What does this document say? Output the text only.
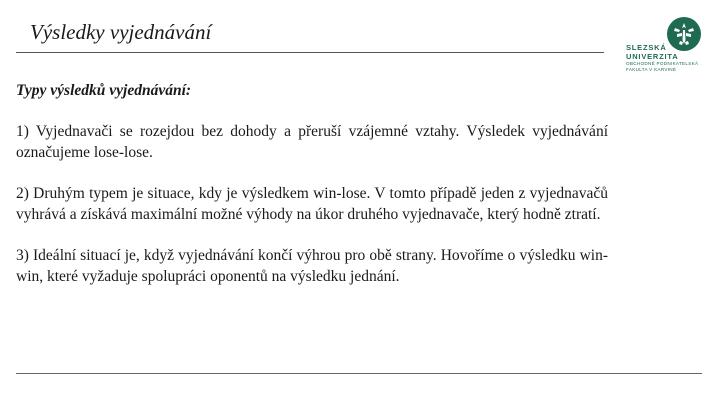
Výsledky vyjednávání
SLEZSKÁ
UNIVERZITA
OBCHODNĚ PODNIKATELSKÁ
FAKULTA V KARVINÉ

Typy výsledků vyjednávání:

1) Vyjednavači se rozejdou bez dohody a přeruší vzájemné vztahy. Výsledek vyjednávání označujeme lose-lose.

2) Druhým typem je situace, kdy je výsledkem win-lose. V tomto případě jeden z vyjednavačů vyhrává a získává maximální možné výhody na úkor druhého vyjednavače, který hodně ztratí.

3) Ideální situací je, když vyjednávání končí výhrou pro obě strany. Hovoříme o výsledku win-win, které vyžaduje spolupráci oponentů na výsledku jednání.
